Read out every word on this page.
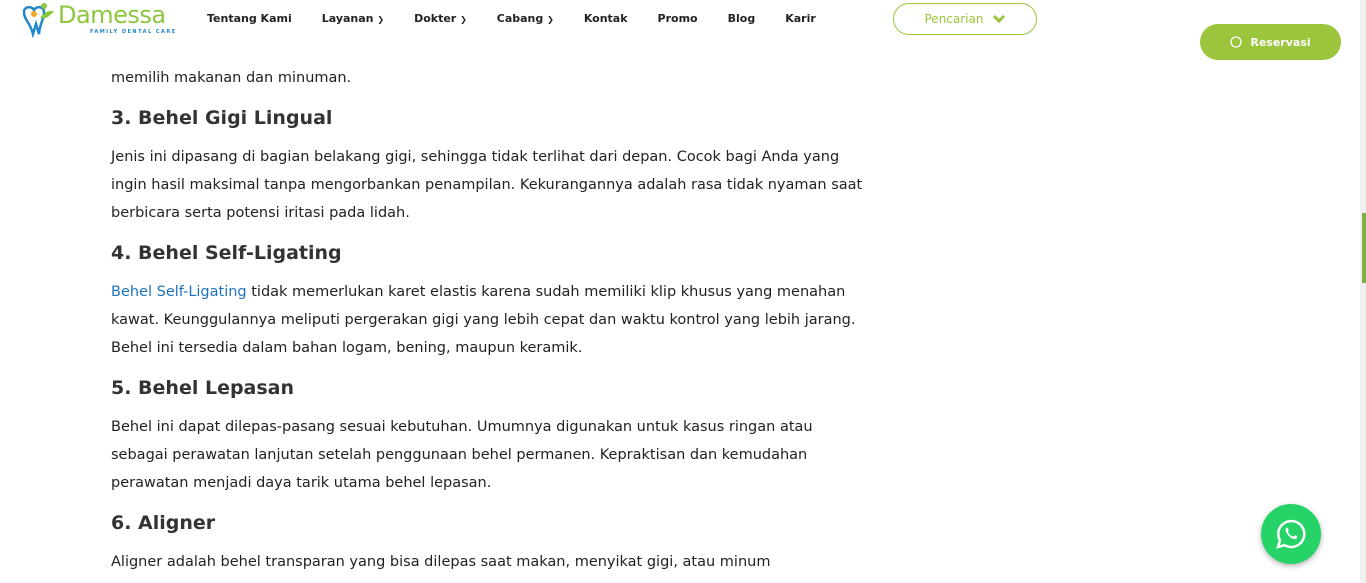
Damessa
FAMILY DENTAL CARE
Tentang Kami	Layanan ❯	Dokter ❯	Cabang ❯	Kontak	Promo	Blog	Karir	Pencarian
Reservasi

memilih makanan dan minuman.

3. Behel Gigi Lingual

Jenis ini dipasang di bagian belakang gigi, sehingga tidak terlihat dari depan. Cocok bagi Anda yang ingin hasil maksimal tanpa mengorbankan penampilan. Kekurangannya adalah rasa tidak nyaman saat berbicara serta potensi iritasi pada lidah.

4. Behel Self-Ligating

Behel Self-Ligating tidak memerlukan karet elastis karena sudah memiliki klip khusus yang menahan kawat. Keunggulannya meliputi pergerakan gigi yang lebih cepat dan waktu kontrol yang lebih jarang. Behel ini tersedia dalam bahan logam, bening, maupun keramik.

5. Behel Lepasan

Behel ini dapat dilepas-pasang sesuai kebutuhan. Umumnya digunakan untuk kasus ringan atau sebagai perawatan lanjutan setelah penggunaan behel permanen. Kepraktisan dan kemudahan perawatan menjadi daya tarik utama behel lepasan.

6. Aligner

Aligner adalah behel transparan yang bisa dilepas saat makan, menyikat gigi, atau minum
